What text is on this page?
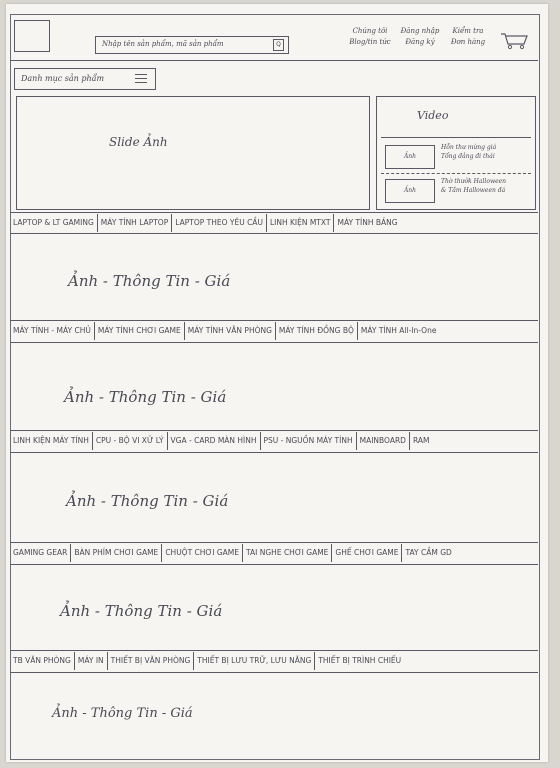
Nhập tên sản phẩm, mã sản phẩm	Q
Chúng tôi
Blog/tin tức
Đăng nhập
Đăng ký
Kiểm tra
Đơn hàng
Danh mục sản phẩm
Slide Ảnh
Video
Ảnh
Hỗn thư mừng giá
Tổng đảng đi thái
Ảnh
Thờ thưởk Halloween
& Tầm Halloween đá
LAPTOP & LT GAMING MÁY TÍNH LAPTOP LAPTOP THEO YÊU CẦU LINH KIỆN MTXT MÁY TÍNH BẢNG
Ảnh - Thông Tin - Giá
MÁY TÍNH - MÁY CHỦ MÁY TÍNH CHƠI GAME MÁY TÍNH VĂN PHÒNG MÁY TÍNH ĐỒNG BỘ MÁY TÍNH All-In-One
Ảnh - Thông Tin - Giá
LINH KIỆN MÁY TÍNH CPU - BỘ VI XỬ LÝ VGA - CARD MÀN HÌNH PSU - NGUỒN MÁY TÍNH MAINBOARD RAM
Ảnh - Thông Tin - Giá
GAMING GEAR BÀN PHÍM CHƠI GAME CHUỘT CHƠI GAME TAI NGHE CHƠI GAME GHẾ CHƠI GAME TAY CẦM GD
Ảnh - Thông Tin - Giá
TB VĂN PHÒNG MÁY IN THIẾT BỊ VĂN PHÒNG THIẾT BỊ LƯU TRỮ, LƯU NĂNG THIẾT BỊ TRÌNH CHIẾU
Ảnh - Thông Tin - Giá
